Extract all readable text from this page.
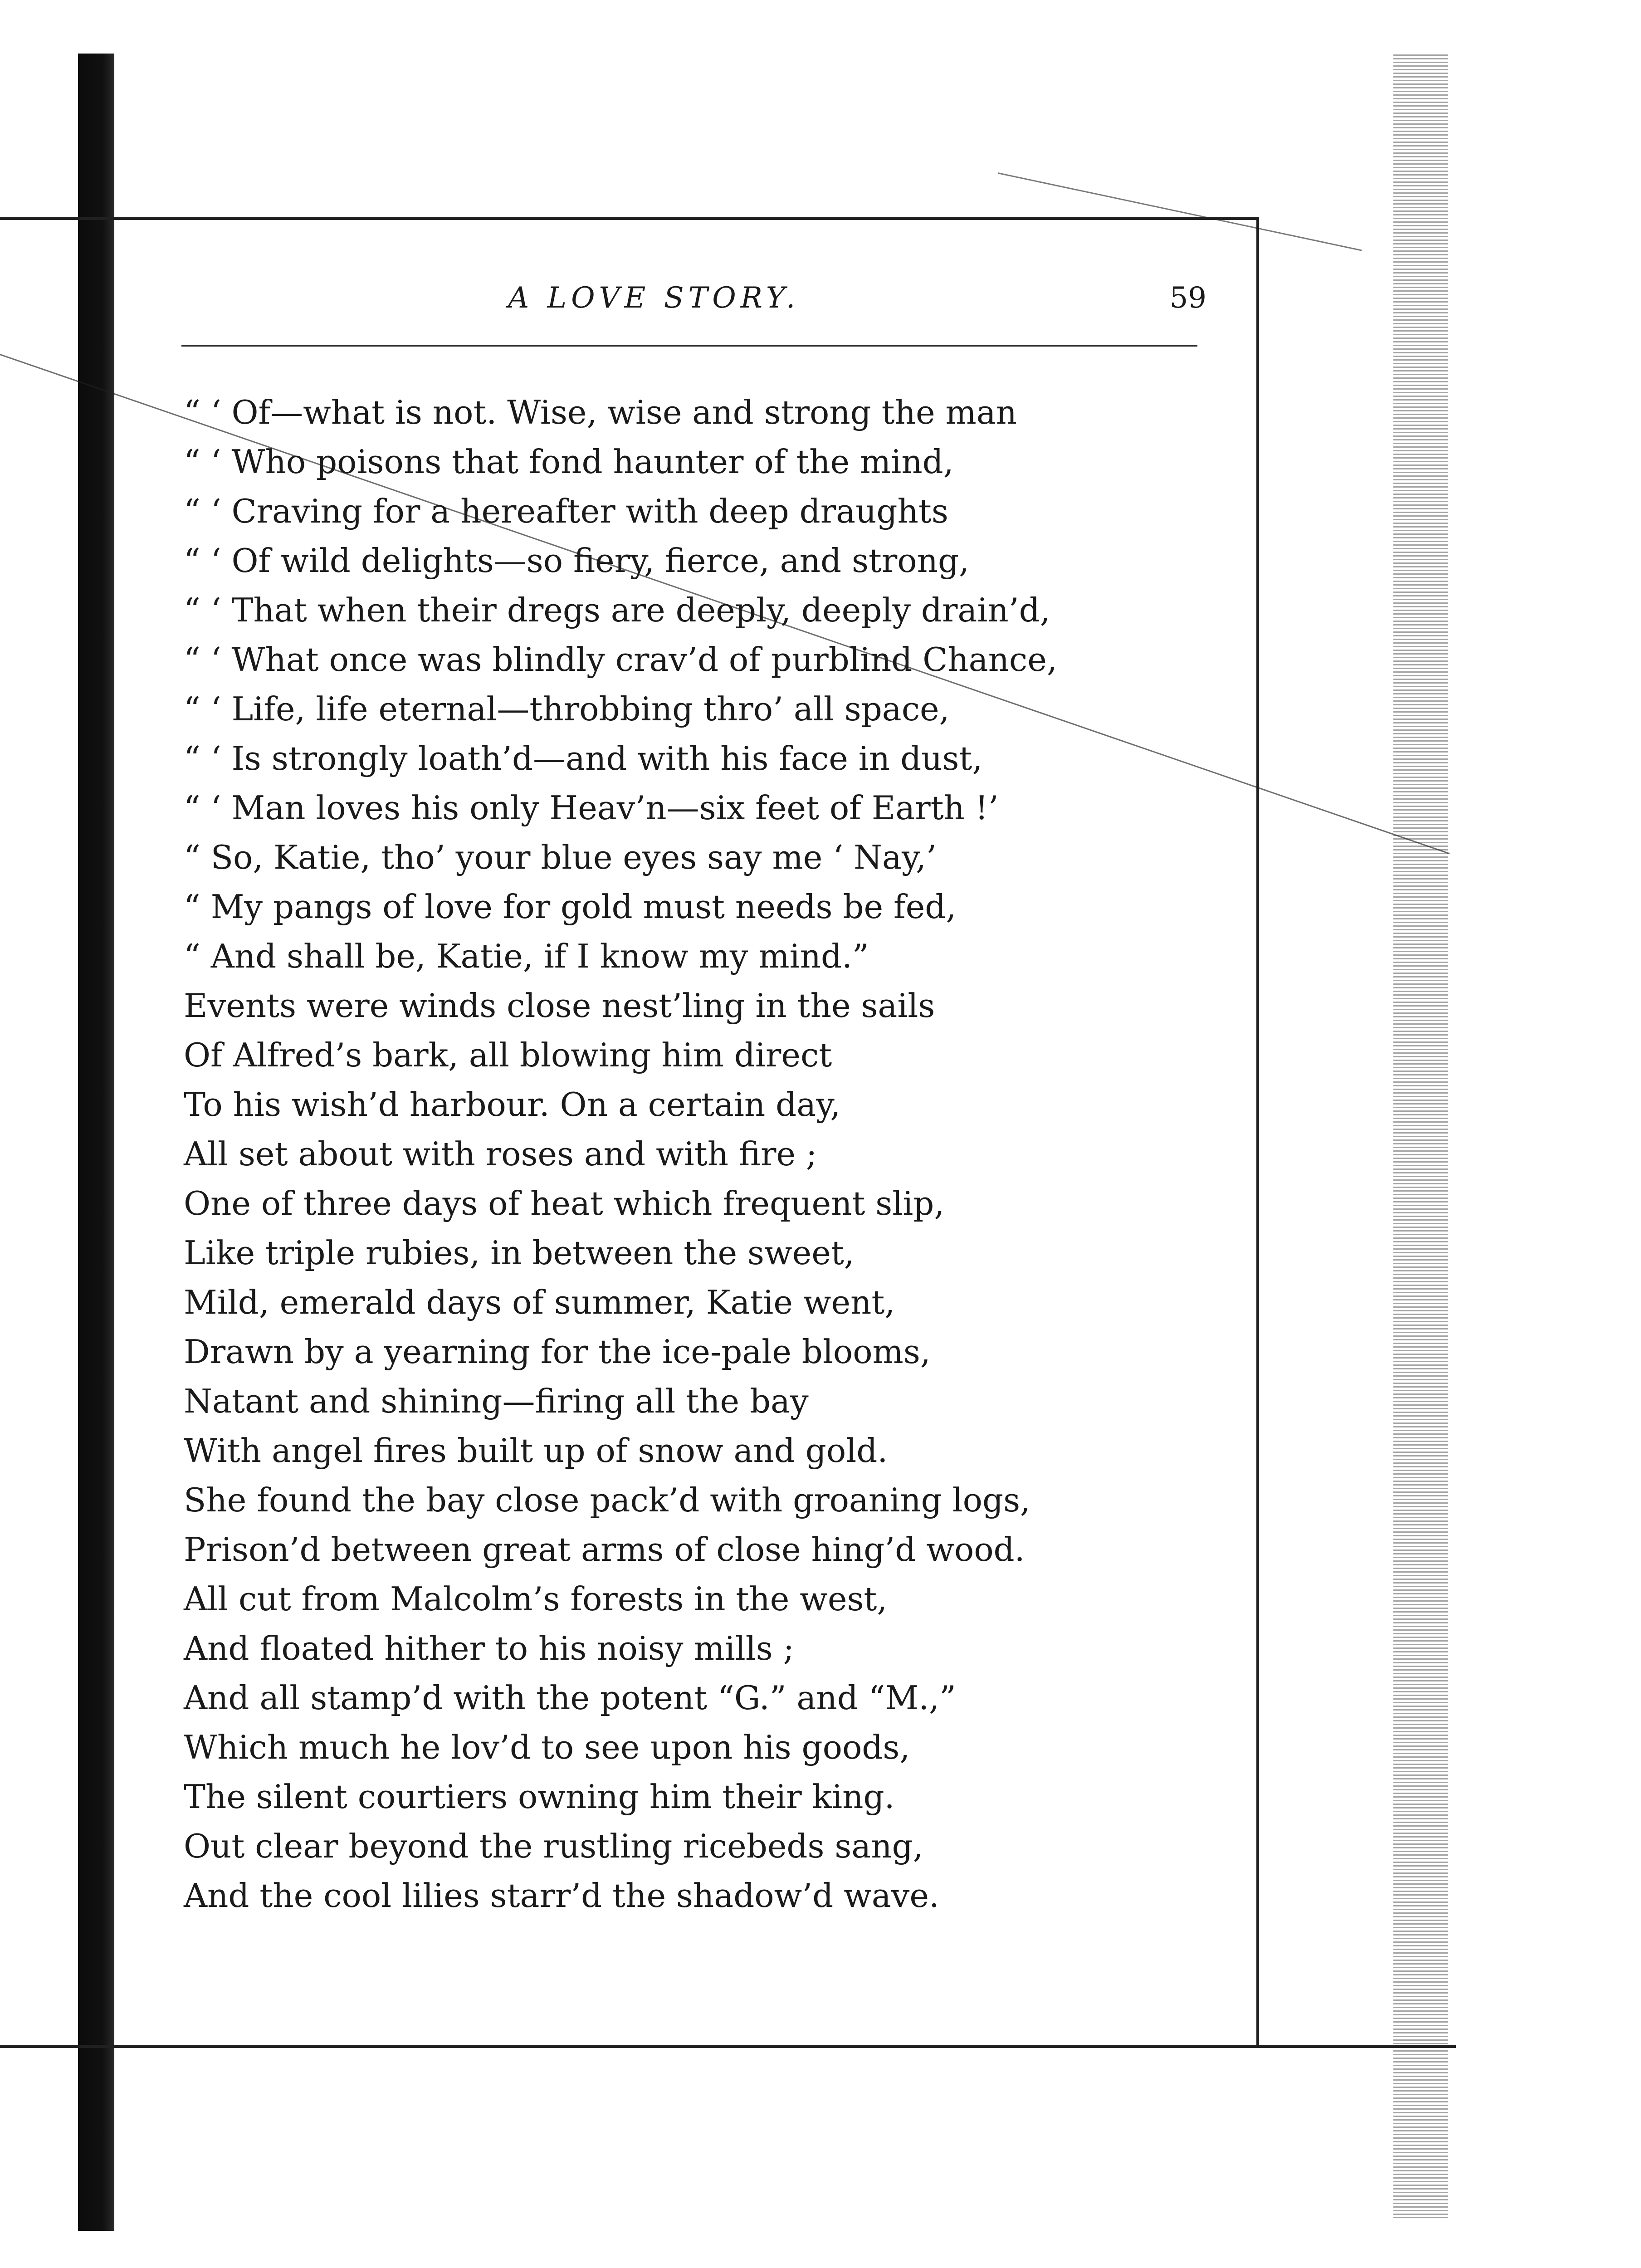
A LOVE STORY.	59
“ ‘ Of—what is not. Wise, wise and strong the man
“ ‘ Who poisons that fond haunter of the mind,
“ ‘ Craving for a hereafter with deep draughts
“ ‘ Of wild delights—so fiery, fierce, and strong,
“ ‘ That when their dregs are deeply, deeply drain’d,
“ ‘ What once was blindly crav’d of purblind Chance,
“ ‘ Life, life eternal—throbbing thro’ all space,
“ ‘ Is strongly loath’d—and with his face in dust,
“ ‘ Man loves his only Heav’n—six feet of Earth !’
“ So, Katie, tho’ your blue eyes say me ‘ Nay,’
“ My pangs of love for gold must needs be fed,
“ And shall be, Katie, if I know my mind.”
Events were winds close nest’ling in the sails
Of Alfred’s bark, all blowing him direct
To his wish’d harbour. On a certain day,
All set about with roses and with fire ;
One of three days of heat which frequent slip,
Like triple rubies, in between the sweet,
Mild, emerald days of summer, Katie went,
Drawn by a yearning for the ice-pale blooms,
Natant and shining—firing all the bay
With angel fires built up of snow and gold.
She found the bay close pack’d with groaning logs,
Prison’d between great arms of close hing’d wood.
All cut from Malcolm’s forests in the west,
And floated hither to his noisy mills ;
And all stamp’d with the potent “G.” and “M.,”
Which much he lov’d to see upon his goods,
The silent courtiers owning him their king.
Out clear beyond the rustling ricebeds sang,
And the cool lilies starr’d the shadow’d wave.
